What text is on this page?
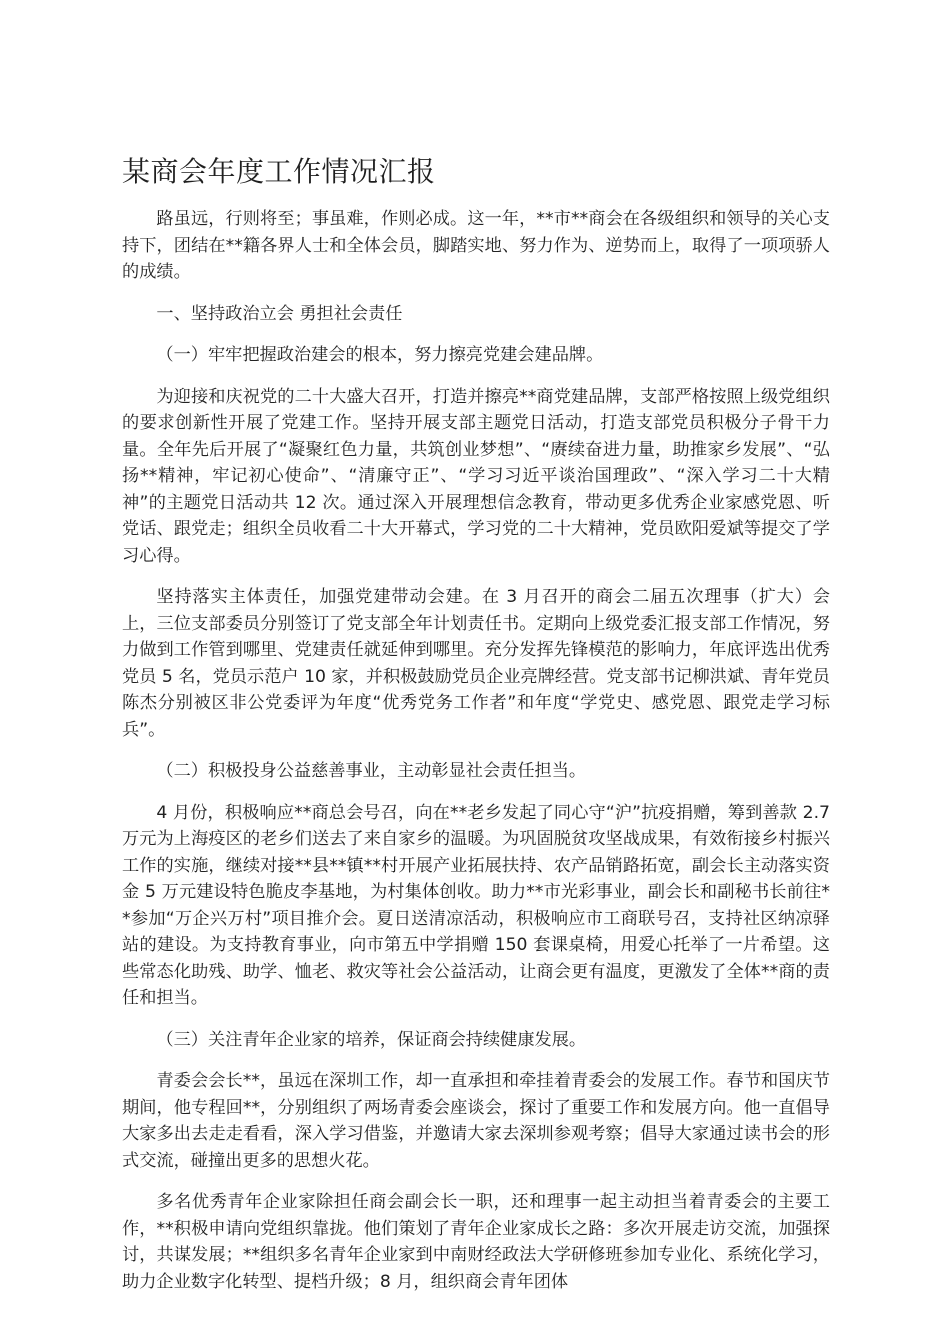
某商会年度工作情况汇报

路虽远，行则将至；事虽难，作则必成。这一年，**市**商会在各级组织和领导的关心支持下，团结在**籍各界人士和全体会员，脚踏实地、努力作为、逆势而上，取得了一项项骄人的成绩。

一、坚持政治立会 勇担社会责任

（一）牢牢把握政治建会的根本，努力擦亮党建会建品牌。

为迎接和庆祝党的二十大盛大召开，打造并擦亮**商党建品牌，支部严格按照上级党组织的要求创新性开展了党建工作。坚持开展支部主题党日活动，打造支部党员积极分子骨干力量。全年先后开展了“凝聚红色力量，共筑创业梦想”、“赓续奋进力量，助推家乡发展”、“弘扬**精神，牢记初心使命”、“清廉守正”、“学习习近平谈治国理政”、“深入学习二十大精神”的主题党日活动共 12 次。通过深入开展理想信念教育，带动更多优秀企业家感党恩、听党话、跟党走；组织全员收看二十大开幕式，学习党的二十大精神，党员欧阳爱斌等提交了学习心得。

坚持落实主体责任，加强党建带动会建。在 3 月召开的商会二届五次理事（扩大）会上，三位支部委员分别签订了党支部全年计划责任书。定期向上级党委汇报支部工作情况，努力做到工作管到哪里、党建责任就延伸到哪里。充分发挥先锋模范的影响力，年底评选出优秀党员 5 名，党员示范户 10 家，并积极鼓励党员企业亮牌经营。党支部书记柳洪斌、青年党员陈杰分别被区非公党委评为年度“优秀党务工作者”和年度“学党史、感党恩、跟党走学习标兵”。

（二）积极投身公益慈善事业，主动彰显社会责任担当。

4 月份，积极响应**商总会号召，向在**老乡发起了同心守“沪”抗疫捐赠，筹到善款 2.7 万元为上海疫区的老乡们送去了来自家乡的温暖。为巩固脱贫攻坚战成果，有效衔接乡村振兴工作的实施，继续对接**县**镇**村开展产业拓展扶持、农产品销路拓宽，副会长主动落实资金 5 万元建设特色脆皮李基地，为村集体创收。助力**市光彩事业，副会长和副秘书长前往**参加“万企兴万村”项目推介会。夏日送清凉活动，积极响应市工商联号召，支持社区纳凉驿站的建设。为支持教育事业，向市第五中学捐赠 150 套课桌椅，用爱心托举了一片希望。这些常态化助残、助学、恤老、救灾等社会公益活动，让商会更有温度，更激发了全体**商的责任和担当。

（三）关注青年企业家的培养，保证商会持续健康发展。

青委会会长**，虽远在深圳工作，却一直承担和牵挂着青委会的发展工作。春节和国庆节期间，他专程回**，分别组织了两场青委会座谈会，探讨了重要工作和发展方向。他一直倡导大家多出去走走看看，深入学习借鉴，并邀请大家去深圳参观考察；倡导大家通过读书会的形式交流，碰撞出更多的思想火花。

多名优秀青年企业家除担任商会副会长一职，还和理事一起主动担当着青委会的主要工作，**积极申请向党组织靠拢。他们策划了青年企业家成长之路：多次开展走访交流，加强探讨，共谋发展；**组织多名青年企业家到中南财经政法大学研修班参加专业化、系统化学习，助力企业数字化转型、提档升级；8 月，组织商会青年团体
